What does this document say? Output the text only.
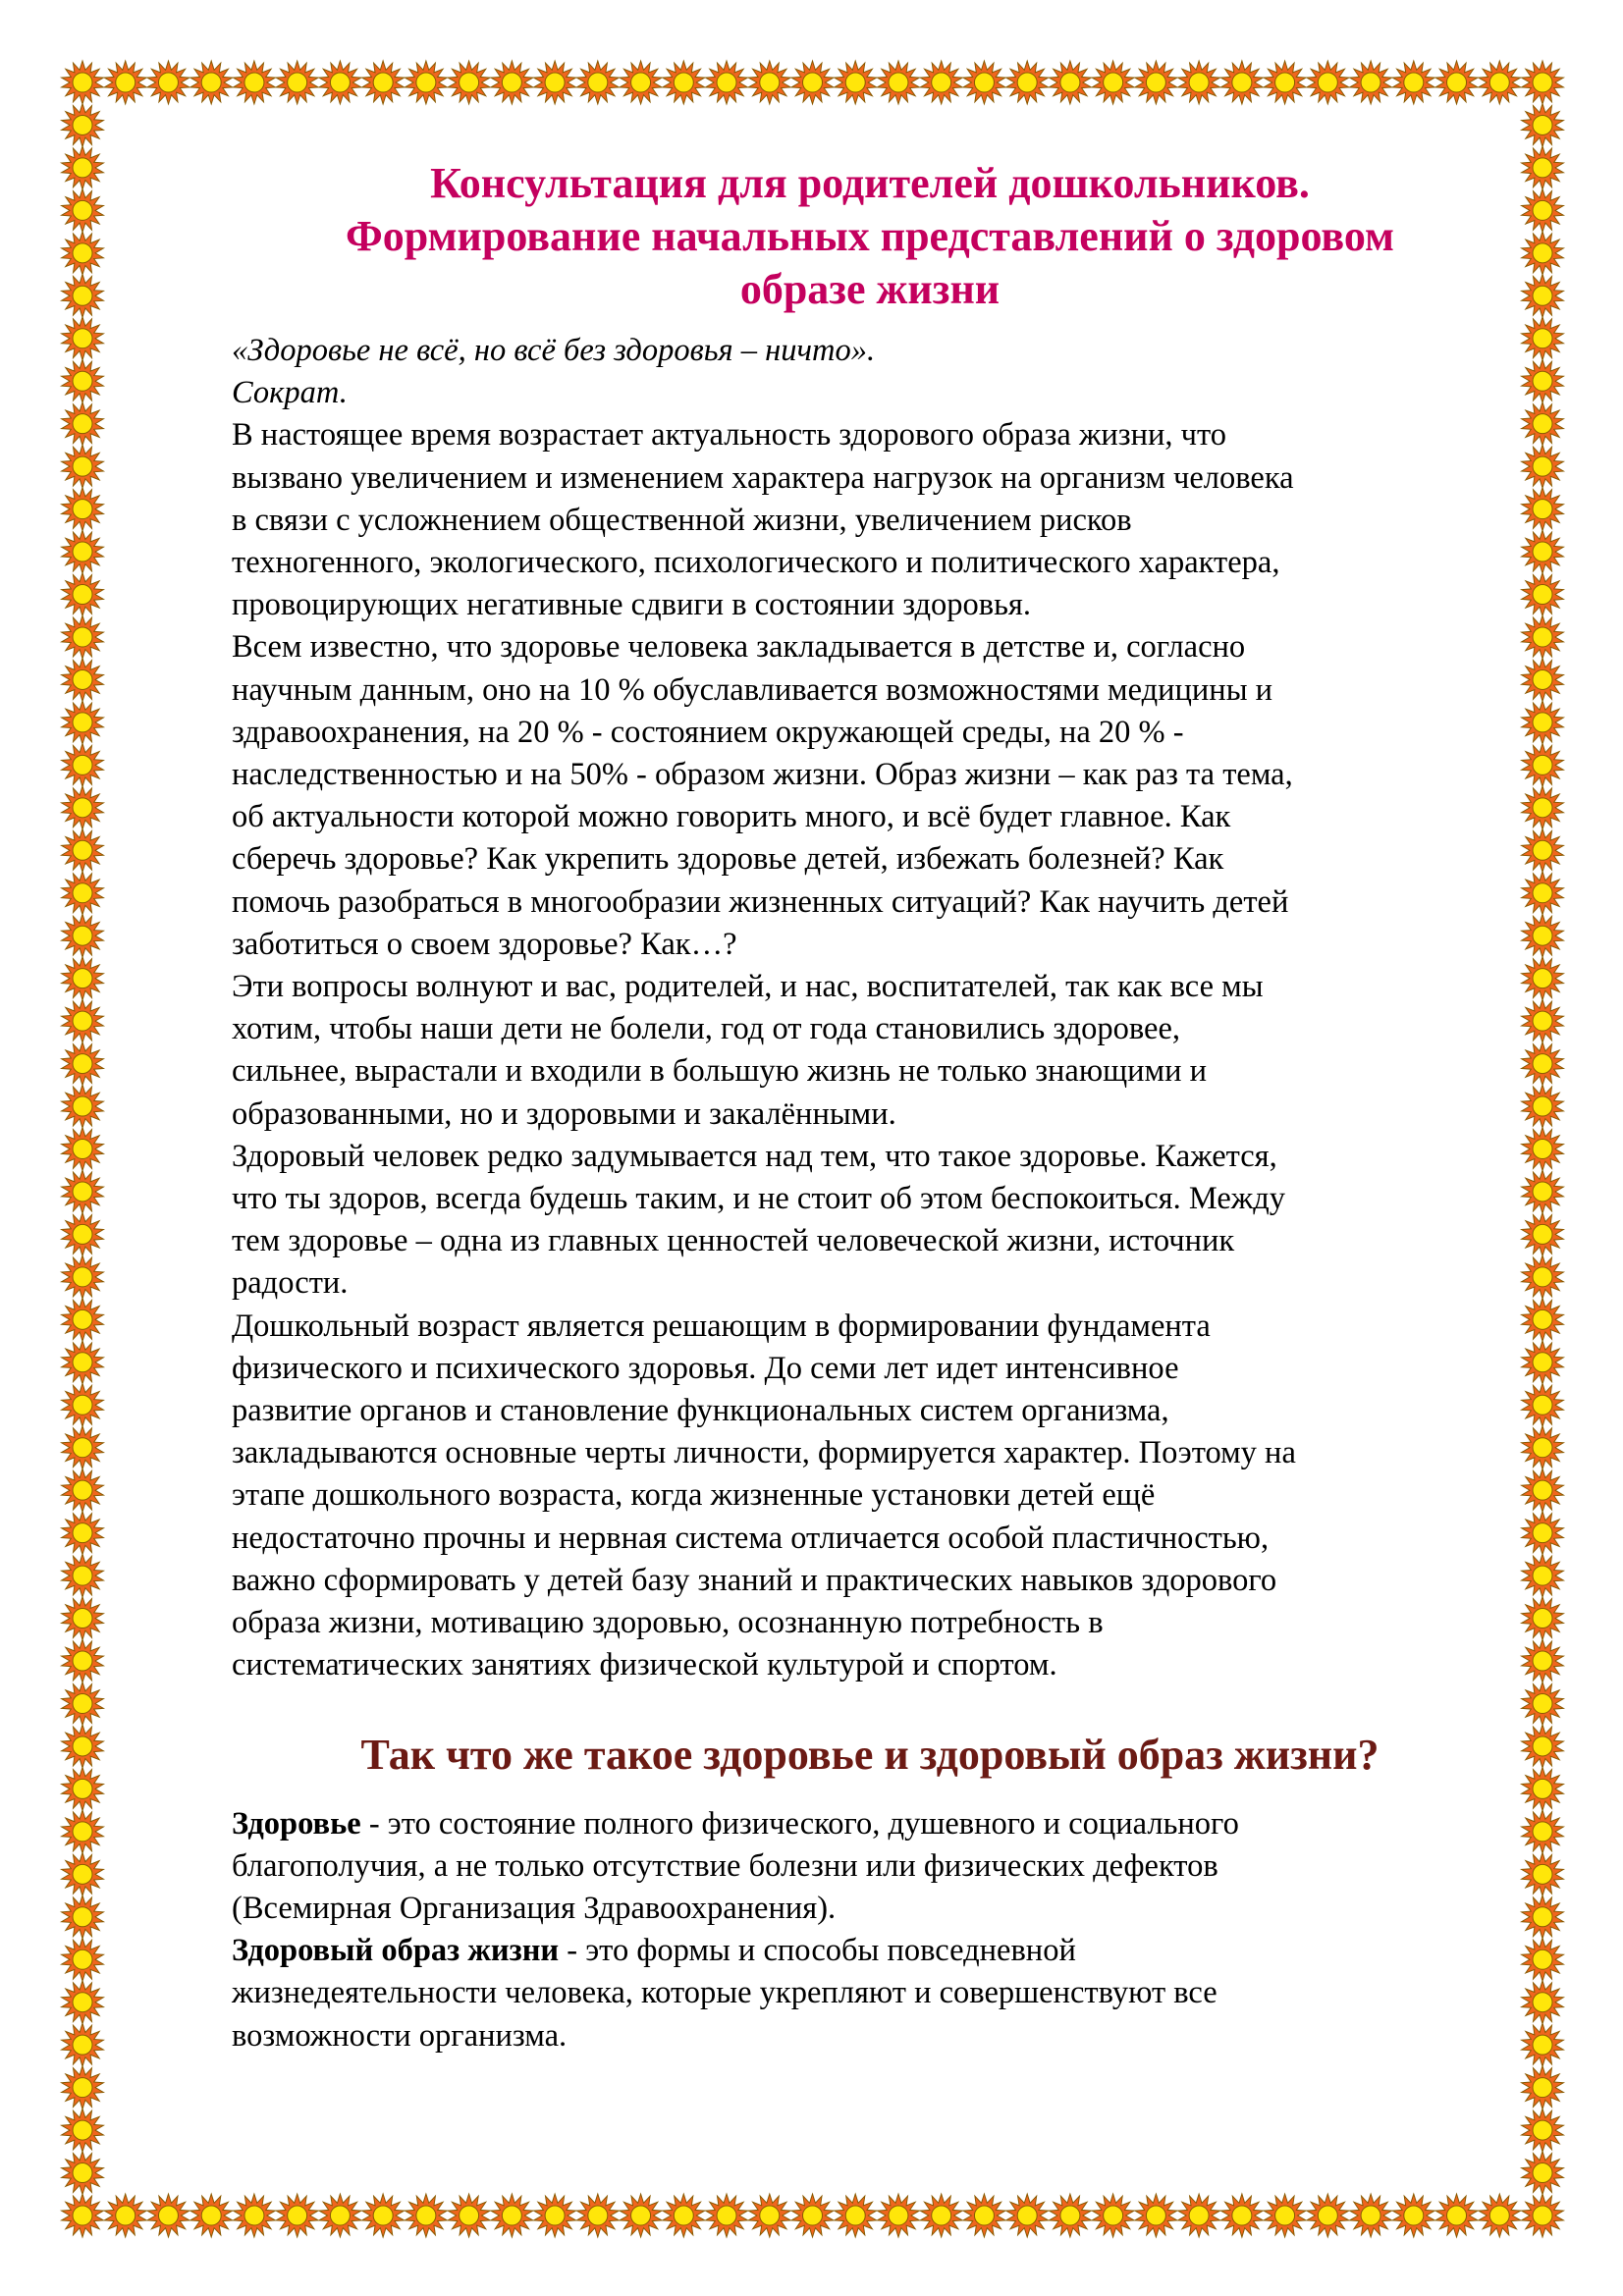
Консультация для родителей дошкольников.
Формирование начальных представлений о здоровом
образе жизни
«Здоровье не всё, но всё без здоровья – ничто».
Сократ.
В настоящее время возрастает актуальность здорового образа жизни, что
вызвано увеличением и изменением характера нагрузок на организм человека
в связи с усложнением общественной жизни, увеличением рисков
техногенного, экологического, психологического и политического характера,
провоцирующих негативные сдвиги в состоянии здоровья.
Всем известно, что здоровье человека закладывается в детстве и, согласно
научным данным, оно на 10 % обуславливается возможностями медицины и
здравоохранения, на 20 % - состоянием окружающей среды, на 20 % -
наследственностью и на 50% - образом жизни. Образ жизни – как раз та тема,
об актуальности которой можно говорить много, и всё будет главное. Как
сберечь здоровье? Как укрепить здоровье детей, избежать болезней? Как
помочь разобраться в многообразии жизненных ситуаций? Как научить детей
заботиться о своем здоровье? Как…?
Эти вопросы волнуют и вас, родителей, и нас, воспитателей, так как все мы
хотим, чтобы наши дети не болели, год от года становились здоровее,
сильнее, вырастали и входили в большую жизнь не только знающими и
образованными, но и здоровыми и закалёнными.
Здоровый человек редко задумывается над тем, что такое здоровье. Кажется,
что ты здоров, всегда будешь таким, и не стоит об этом беспокоиться. Между
тем здоровье – одна из главных ценностей человеческой жизни, источник
радости.
Дошкольный возраст является решающим в формировании фундамента
физического и психического здоровья. До семи лет идет интенсивное
развитие органов и становление функциональных систем организма,
закладываются основные черты личности, формируется характер. Поэтому на
этапе дошкольного возраста, когда жизненные установки детей ещё
недостаточно прочны и нервная система отличается особой пластичностью,
важно сформировать у детей базу знаний и практических навыков здорового
образа жизни, мотивацию здоровью, осознанную потребность в
систематических занятиях физической культурой и спортом.
Так что же такое здоровье и здоровый образ жизни?
Здоровье - это состояние полного физического, душевного и социального
благополучия, а не только отсутствие болезни или физических дефектов
(Всемирная Организация Здравоохранения).
Здоровый образ жизни - это формы и способы повседневной
жизнедеятельности человека, которые укрепляют и совершенствуют все
возможности организма.
